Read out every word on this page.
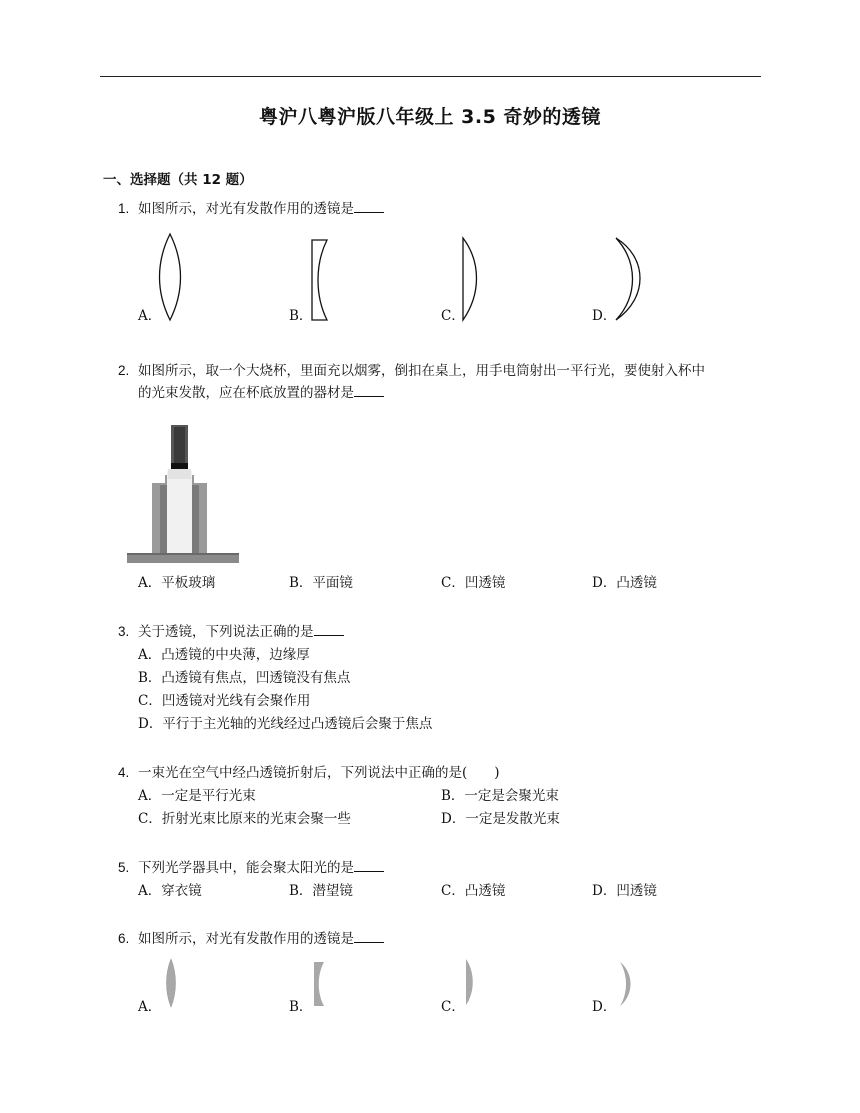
粤沪八粤沪版八年级上 3.5 奇妙的透镜
一、选择题（共 12 题）
1. 如图所示，对光有发散作用的透镜是
A．	B．	C．	D．
2. 如图所示，取一个大烧杯，里面充以烟雾，倒扣在桌上，用手电筒射出一平行光，要使射入杯中
的光束发散，应在杯底放置的器材是
A．平板玻璃	B．平面镜	C．凹透镜	D．凸透镜
3. 关于透镜，下列说法正确的是
A．凸透镜的中央薄，边缘厚
B．凸透镜有焦点，凹透镜没有焦点
C．凹透镜对光线有会聚作用
D．平行于主光轴的光线经过凸透镜后会聚于焦点
4. 一束光在空气中经凸透镜折射后，下列说法中正确的是(　　)
A．一定是平行光束	B．一定是会聚光束
C．折射光束比原来的光束会聚一些	D．一定是发散光束
5. 下列光学器具中，能会聚太阳光的是
A．穿衣镜	B．潜望镜	C．凸透镜	D．凹透镜
6. 如图所示，对光有发散作用的透镜是
A．	B．	C．	D．
